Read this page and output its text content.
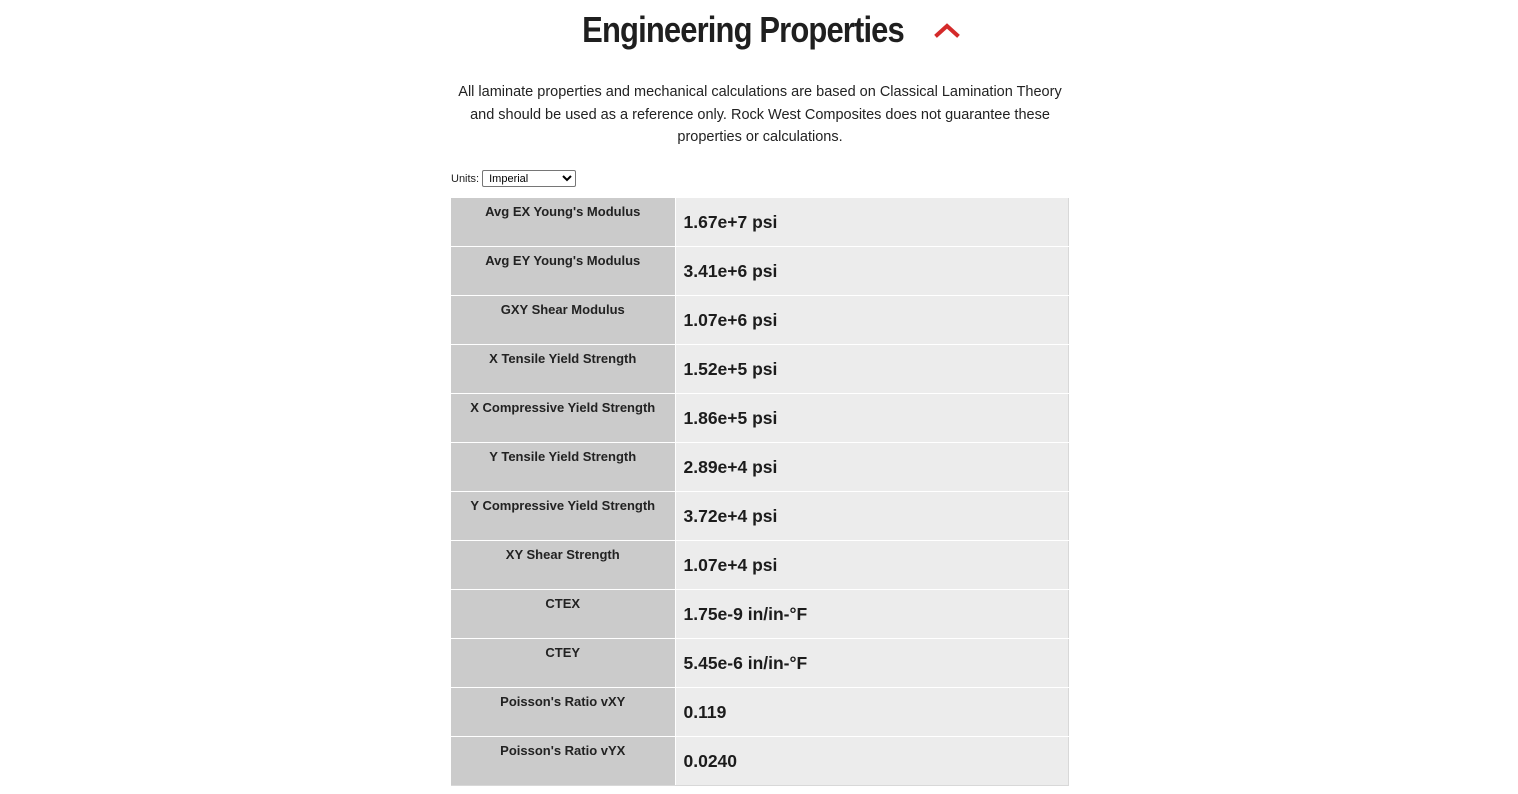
Engineering Properties

All laminate properties and mechanical calculations are based on Classical Lamination Theory and should be used as a reference only. Rock West Composites does not guarantee these properties or calculations.

Units:
Imperial
Avg EX Young's Modulus	1.67e+7 psi
Avg EY Young's Modulus	3.41e+6 psi
GXY Shear Modulus	1.07e+6 psi
X Tensile Yield Strength	1.52e+5 psi
X Compressive Yield Strength	1.86e+5 psi
Y Tensile Yield Strength	2.89e+4 psi
Y Compressive Yield Strength	3.72e+4 psi
XY Shear Strength	1.07e+4 psi
CTEX	1.75e-9 in/in-°F
CTEY	5.45e-6 in/in-°F
Poisson's Ratio vXY	0.119
Poisson's Ratio vYX	0.0240
